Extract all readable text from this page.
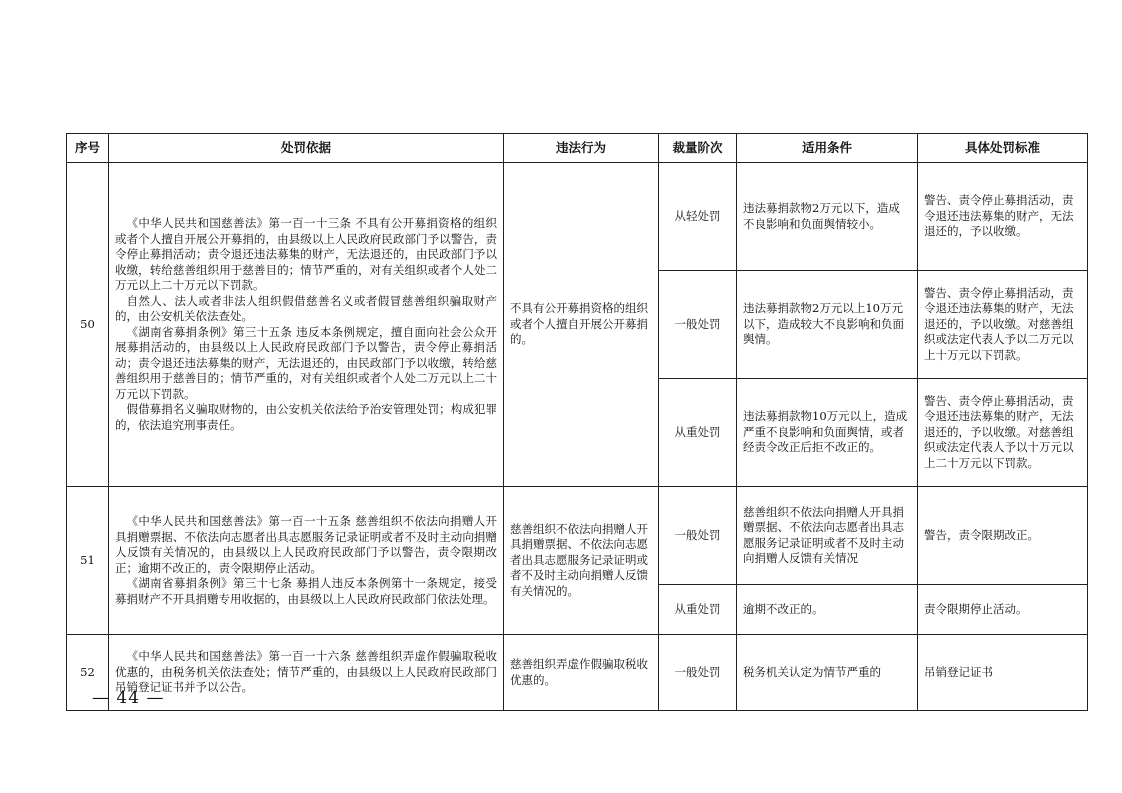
序号	处罚依据	违法行为	裁量阶次	适用条件	具体处罚标准
50	《中华人民共和国慈善法》第一百一十三条 不具有公开募捐资格的组织或者个人擅自开展公开募捐的，由县级以上人民政府民政部门予以警告，责令停止募捐活动；责令退还违法募集的财产，无法退还的，由民政部门予以收缴，转给慈善组织用于慈善目的；情节严重的，对有关组织或者个人处二万元以上二十万元以下罚款。

自然人、法人或者非法人组织假借慈善名义或者假冒慈善组织骗取财产的，由公安机关依法查处。

《湖南省募捐条例》第三十五条 违反本条例规定，擅自面向社会公众开展募捐活动的，由县级以上人民政府民政部门予以警告，责令停止募捐活动；责令退还违法募集的财产，无法退还的，由民政部门予以收缴，转给慈善组织用于慈善目的；情节严重的，对有关组织或者个人处二万元以上二十万元以下罚款。

假借募捐名义骗取财物的，由公安机关依法给予治安管理处罚；构成犯罪的，依法追究刑事责任。	不具有公开募捐资格的组织或者个人擅自开展公开募捐的。	从轻处罚	违法募捐款物2万元以下，造成不良影响和负面舆情较小。	警告、责令停止募捐活动，责令退还违法募集的财产，无法退还的，予以收缴。
			一般处罚	违法募捐款物2万元以上10万元以下，造成较大不良影响和负面舆情。	警告、责令停止募捐活动，责令退还违法募集的财产，无法退还的，予以收缴。对慈善组织或法定代表人予以二万元以上十万元以下罚款。
			从重处罚	违法募捐款物10万元以上，造成严重不良影响和负面舆情，或者经责令改正后拒不改正的。	警告、责令停止募捐活动，责令退还违法募集的财产，无法退还的，予以收缴。对慈善组织或法定代表人予以十万元以上二十万元以下罚款。
51	《中华人民共和国慈善法》第一百一十五条 慈善组织不依法向捐赠人开具捐赠票据、不依法向志愿者出具志愿服务记录证明或者不及时主动向捐赠人反馈有关情况的，由县级以上人民政府民政部门予以警告，责令限期改正；逾期不改正的，责令限期停止活动。

《湖南省募捐条例》第三十七条 募捐人违反本条例第十一条规定，接受募捐财产不开具捐赠专用收据的，由县级以上人民政府民政部门依法处理。	慈善组织不依法向捐赠人开具捐赠票据、不依法向志愿者出具志愿服务记录证明或者不及时主动向捐赠人反馈有关情况的。	一般处罚	慈善组织不依法向捐赠人开具捐赠票据、不依法向志愿者出具志愿服务记录证明或者不及时主动向捐赠人反馈有关情况	警告，责令限期改正。
			从重处罚	逾期不改正的。	责令限期停止活动。
52	《中华人民共和国慈善法》第一百一十六条 慈善组织弄虚作假骗取税收优惠的，由税务机关依法查处；情节严重的，由县级以上人民政府民政部门吊销登记证书并予以公告。	慈善组织弄虚作假骗取税收优惠的。	一般处罚	税务机关认定为情节严重的	吊销登记证书
— 44 —
